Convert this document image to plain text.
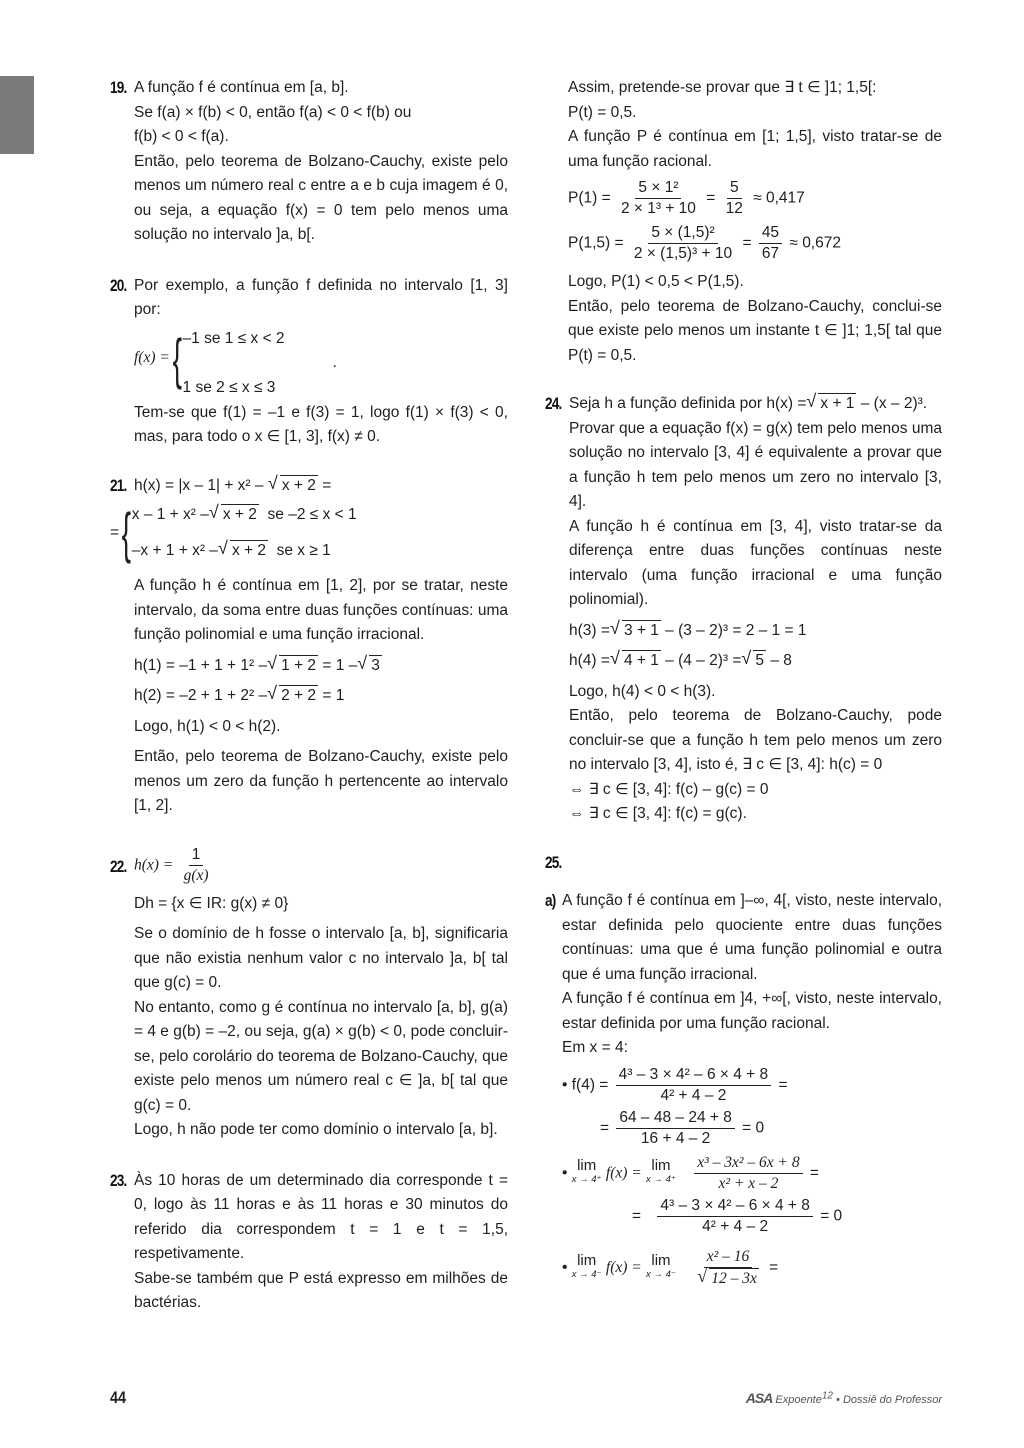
19. A função f é contínua em [a, b].

Se f(a) × f(b) < 0, então f(a) < 0 < f(b) ou

f(b) < 0 < f(a).

Então, pelo teorema de Bolzano-Cauchy, existe pelo menos um número real c entre a e b cuja imagem é 0, ou seja, a equação f(x) = 0 tem pelo menos uma solução no intervalo ]a, b[.

20. Por exemplo, a função f definida no intervalo [1, 3] por:

f(x) = { –1 se 1 ≤ x < 2
.
1 se 2 ≤ x ≤ 3

Tem-se que f(1) = –1 e f(3) = 1, logo f(1) × f(3) < 0, mas, para todo o x ∈ [1, 3], f(x) ≠ 0.

21. h(x) = |x – 1| + x² – √ x + 2 =

= { x – 1 + x² – √ x + 2 se –2 ≤ x < 1
–x + 1 + x² – √ x + 2 se x ≥ 1

A função h é contínua em [1, 2], por se tratar, neste intervalo, da soma entre duas funções contínuas: uma função polinomial e uma função irracional.

h(1) = –1 + 1 + 1² – √ 1 + 2 = 1 – √ 3

h(2) = –2 + 1 + 2² – √ 2 + 2 = 1

Logo, h(1) < 0 < h(2).

Então, pelo teorema de Bolzano-Cauchy, existe pelo menos um zero da função h pertencente ao intervalo [1, 2].

22. $h(x) = \frac{1}{g(x)}$

Dh = {x ∈ IR: g(x) ≠ 0}

Se o domínio de h fosse o intervalo [a, b], significaria que não existia nenhum valor c no intervalo ]a, b[ tal que g(c) = 0.

No entanto, como g é contínua no intervalo [a, b], g(a) = 4 e g(b) = –2, ou seja, g(a) × g(b) < 0, pode concluir-se, pelo corolário do teorema de Bolzano-Cauchy, que existe pelo menos um número real c ∈ ]a, b[ tal que g(c) = 0.

Logo, h não pode ter como domínio o intervalo [a, b].

23. Às 10 horas de um determinado dia corresponde t = 0, logo às 11 horas e às 11 horas e 30 minutos do referido dia correspondem t = 1 e t = 1,5, respetivamente.

Sabe-se também que P está expresso em milhões de bactérias.

Assim, pretende-se provar que ∃ t ∈ ]1; 1,5[:

P(t) = 0,5.

A função P é contínua em [1; 1,5], visto tratar-se de uma função racional.

$P(1) = \frac{\text{5 × 1²}}{\text{2 × 1³ + 10}} = \frac{5}{12} \approx 0,417$

$P(1,5) = \frac{\text{5 × (1,5)²}}{\text{2 × (1,5)³ + 10}} = \frac{45}{67} \approx 0,672$

Logo, P(1) < 0,5 < P(1,5).

Então, pelo teorema de Bolzano-Cauchy, conclui-se que existe pelo menos um instante t ∈ ]1; 1,5[ tal que P(t) = 0,5.

24. Seja h a função definida por h(x) = √ x + 1 – (x – 2)³.

Provar que a equação f(x) = g(x) tem pelo menos uma solução no intervalo [3, 4] é equivalente a provar que a função h tem pelo menos um zero no intervalo [3, 4].

A função h é contínua em [3, 4], visto tratar-se da diferença entre duas funções contínuas neste intervalo (uma função irracional e uma função polinomial).

h(3) = √ 3 + 1 – (3 – 2)³ = 2 – 1 = 1

h(4) = √ 4 + 1 – (4 – 2)³ = √ 5 – 8

Logo, h(4) < 0 < h(3).

Então, pelo teorema de Bolzano-Cauchy, pode concluir-se que a função h tem pelo menos um zero no intervalo [3, 4], isto é, ∃ c ∈ [3, 4]: h(c) = 0

⇔ ∃ c ∈ [3, 4]: f(c) – g(c) = 0

⇔ ∃ c ∈ [3, 4]: f(c) = g(c).

25.

a) A função f é contínua em ]–∞, 4[, visto, neste intervalo, estar definida pelo quociente entre duas funções contínuas: uma que é uma função polinomial e outra que é uma função irracional.

A função f é contínua em ]4, +∞[, visto, neste intervalo, estar definida por uma função racional.

Em x = 4:

• $f(4) = \frac{\text{4³ – 3 × 4² – 6 × 4 + 8}}{\text{4² + 4 – 2}}$ =

= $\frac{64 - 48 - 24 + 8}{16 + 4 - 2} = 0$

• lim
x → 4⁺ f(x) = lim
x → 4⁺
$\frac{\text{x³ – 3x² – 6x + 8}}{\text{x² + x – 2}}$ =

= $\frac{\text{4³ – 3 × 4² – 6 × 4 + 8}}{\text{4² + 4 – 2}} = 0$

• lim
x → 4⁻ f(x) = lim
x → 4⁻
x² – 16
√ 12 – 3x =

44	ASA Expoente$^{12}$ • Dossiê do Professor
